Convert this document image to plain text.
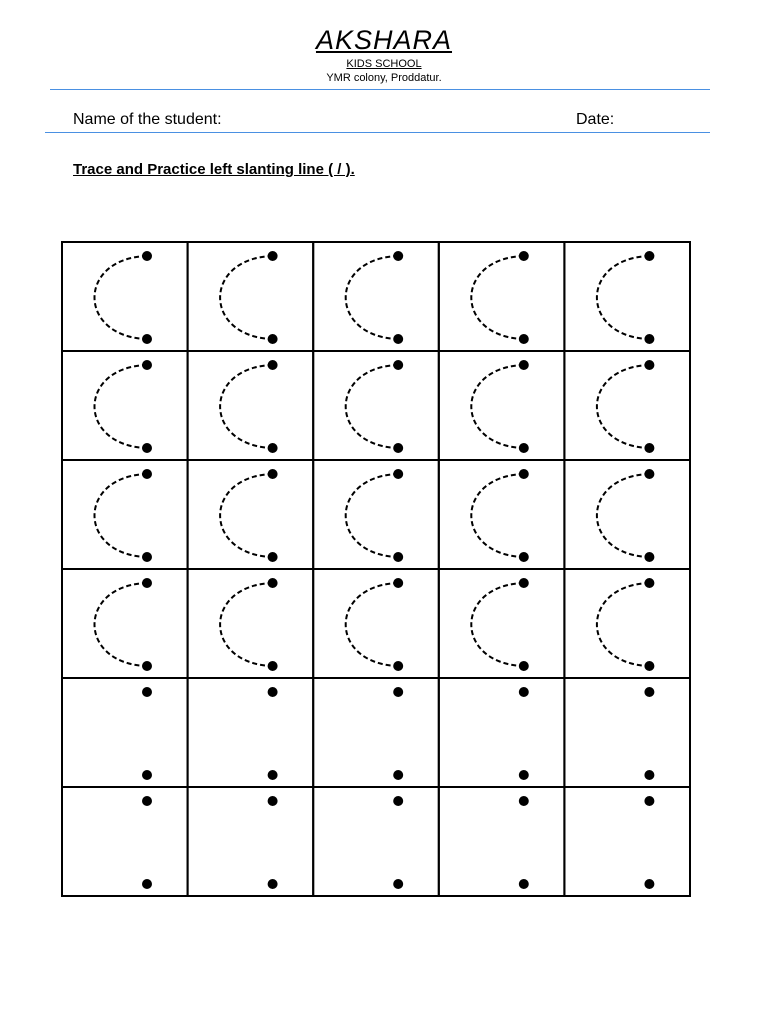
AKSHARA
KIDS SCHOOL
YMR colony, Proddatur.
Name of the student:	Date:
Trace and Practice left slanting line ( / ).
